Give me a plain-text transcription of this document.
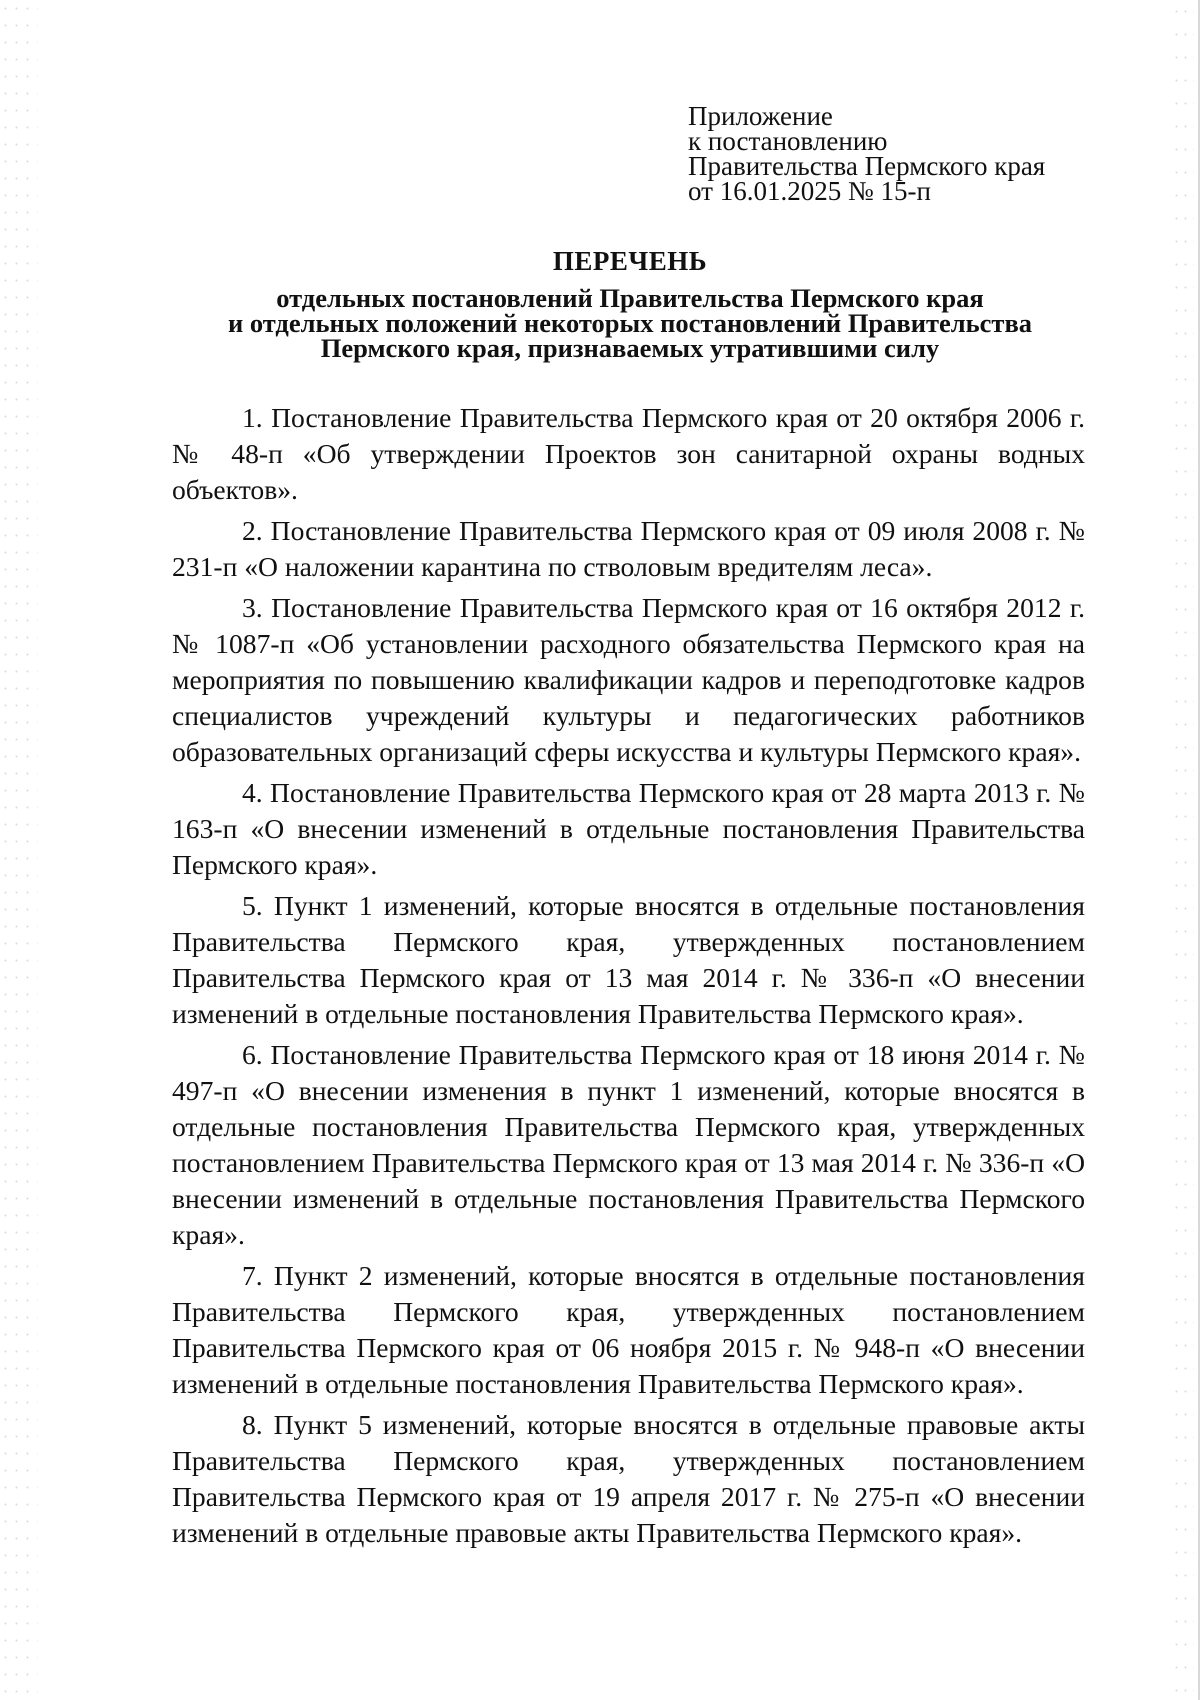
Приложение
к постановлению
Правительства Пермского края
от 16.01.2025 № 15-п
ПЕРЕЧЕНЬ
отдельных постановлений Правительства Пермского края
и отдельных положений некоторых постановлений Правительства
Пермского края, признаваемых утратившими силу

1. Постановление Правительства Пермского края от 20 октября 2006 г. № 48-п «Об утверждении Проектов зон санитарной охраны водных объектов».

2. Постановление Правительства Пермского края от 09 июля 2008 г. № 231-п «О наложении карантина по стволовым вредителям леса».

3. Постановление Правительства Пермского края от 16 октября 2012 г. № 1087-п «Об установлении расходного обязательства Пермского края на мероприятия по повышению квалификации кадров и переподготовке кадров специалистов учреждений культуры и педагогических работников образовательных организаций сферы искусства и культуры Пермского края».

4. Постановление Правительства Пермского края от 28 марта 2013 г. № 163-п «О внесении изменений в отдельные постановления Правительства Пермского края».

5. Пункт 1 изменений, которые вносятся в отдельные постановления Правительства Пермского края, утвержденных постановлением Правительства Пермского края от 13 мая 2014 г. № 336-п «О внесении изменений в отдельные постановления Правительства Пермского края».

6. Постановление Правительства Пермского края от 18 июня 2014 г. № 497-п «О внесении изменения в пункт 1 изменений, которые вносятся в отдельные постановления Правительства Пермского края, утвержденных постановлением Правительства Пермского края от 13 мая 2014 г. № 336-п «О внесении изменений в отдельные постановления Правительства Пермского края».

7. Пункт 2 изменений, которые вносятся в отдельные постановления Правительства Пермского края, утвержденных постановлением Правительства Пермского края от 06 ноября 2015 г. № 948-п «О внесении изменений в отдельные постановления Правительства Пермского края».

8. Пункт 5 изменений, которые вносятся в отдельные правовые акты Правительства Пермского края, утвержденных постановлением Правительства Пермского края от 19 апреля 2017 г. № 275-п «О внесении изменений в отдельные правовые акты Правительства Пермского края».
